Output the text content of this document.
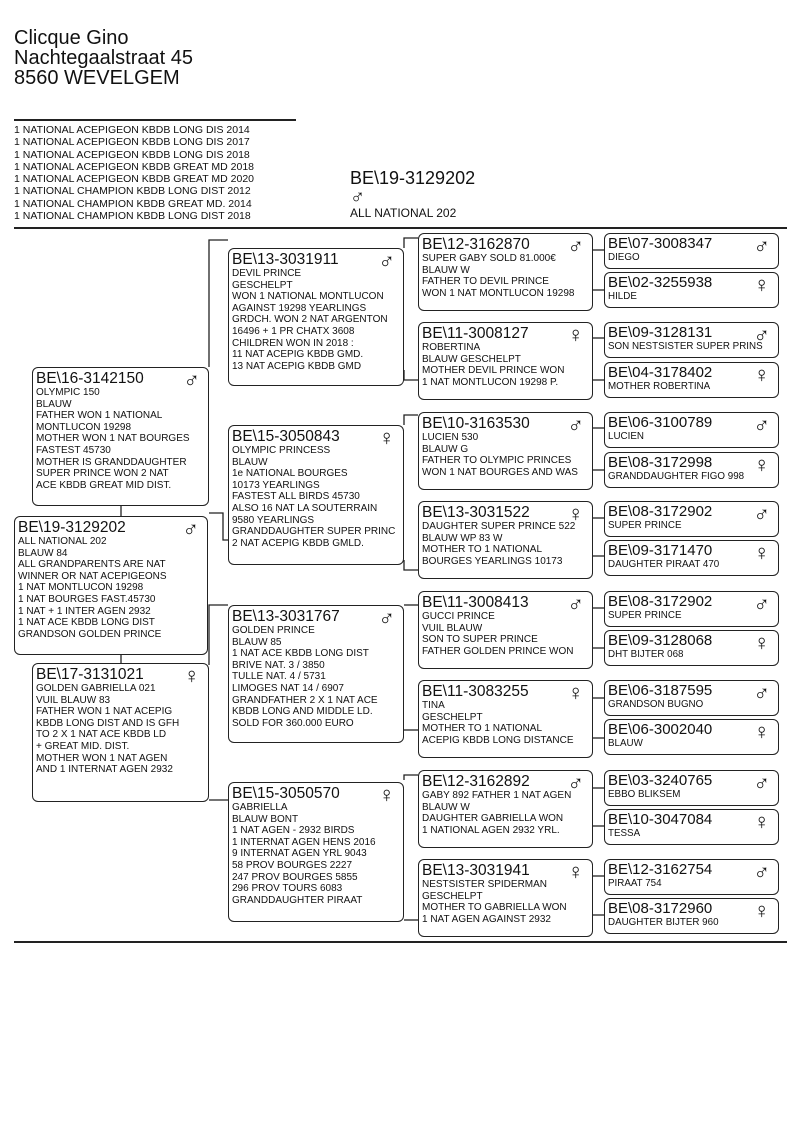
Clicque Gino
Nachtegaalstraat 45
8560 WEVELGEM
1 NATIONAL ACEPIGEON KBDB LONG DIS 2014
1 NATIONAL ACEPIGEON KBDB LONG DIS 2017
1 NATIONAL ACEPIGEON KBDB LONG DIS 2018
1 NATIONAL ACEPIGEON KBDB GREAT MD 2018
1 NATIONAL ACEPIGEON KBDB GREAT MD 2020
1 NATIONAL CHAMPION KBDB LONG DIST 2012
1 NATIONAL CHAMPION KBDB GREAT MD. 2014
1 NATIONAL CHAMPION KBDB LONG DIST 2018
BE\19-3129202
♂
ALL NATIONAL 202
BE\19-3129202	♂
ALL NATIONAL 202
BLAUW 84
ALL GRANDPARENTS ARE NAT
WINNER OR NAT ACEPIGEONS
1 NAT MONTLUCON 19298
1 NAT BOURGES FAST.45730
1 NAT + 1 INTER AGEN 2932
1 NAT ACE KBDB LONG DIST
GRANDSON GOLDEN PRINCE
BE\16-3142150	♂
OLYMPIC 150
BLAUW
FATHER WON 1 NATIONAL
MONTLUCON 19298
MOTHER WON 1 NAT BOURGES
FASTEST 45730
MOTHER IS GRANDDAUGHTER
SUPER PRINCE WON 2 NAT
ACE KBDB GREAT MID DIST.
BE\17-3131021	♀
GOLDEN GABRIELLA 021
VUIL BLAUW 83
FATHER WON 1 NAT ACEPIG
KBDB LONG DIST AND IS GFH
TO 2 X 1 NAT ACE KBDB LD
+ GREAT MID. DIST.
MOTHER WON 1 NAT AGEN
AND 1 INTERNAT AGEN 2932
BE\13-3031911	♂
DEVIL PRINCE
GESCHELPT
WON 1 NATIONAL MONTLUCON
AGAINST 19298 YEARLINGS
GRDCH. WON 2 NAT ARGENTON
16496 + 1 PR CHATX 3608
CHILDREN WON IN 2018 :
11 NAT ACEPIG KBDB GMD.
13 NAT ACEPIG KBDB GMD
BE\15-3050843	♀
OLYMPIC PRINCESS
BLAUW
1e NATIONAL BOURGES
10173 YEARLINGS
FASTEST ALL BIRDS 45730
ALSO 16 NAT LA SOUTERRAIN
9580 YEARLINGS
GRANDDAUGHTER SUPER PRINC
2 NAT ACEPIG KBDB GMLD.
BE\13-3031767	♂
GOLDEN PRINCE
BLAUW 85
1 NAT ACE KBDB LONG DIST
BRIVE NAT. 3 / 3850
TULLE NAT. 4 / 5731
LIMOGES NAT 14 / 6907
GRANDFATHER 2 X 1 NAT ACE
KBDB LONG AND MIDDLE LD.
SOLD FOR 360.000 EURO
BE\15-3050570	♀
GABRIELLA
BLAUW BONT
1 NAT AGEN - 2932 BIRDS
1 INTERNAT AGEN HENS 2016
9 INTERNAT AGEN YRL 9043
58 PROV BOURGES 2227
247 PROV BOURGES 5855
296 PROV TOURS 6083
GRANDDAUGHTER PIRAAT
BE\12-3162870	♂
SUPER GABY SOLD 81.000€
BLAUW W
FATHER TO DEVIL PRINCE
WON 1 NAT MONTLUCON 19298
BE\11-3008127	♀
ROBERTINA
BLAUW GESCHELPT
MOTHER DEVIL PRINCE WON
1 NAT MONTLUCON 19298 P.
BE\10-3163530	♂
LUCIEN 530
BLAUW G
FATHER TO OLYMPIC PRINCES
WON 1 NAT BOURGES AND WAS
BE\13-3031522	♀
DAUGHTER SUPER PRINCE 522
BLAUW WP 83 W
MOTHER TO 1 NATIONAL
BOURGES YEARLINGS 10173
BE\11-3008413	♂
GUCCI PRINCE
VUIL BLAUW
SON TO SUPER PRINCE
FATHER GOLDEN PRINCE WON
BE\11-3083255	♀
TINA
GESCHELPT
MOTHER TO 1 NATIONAL
ACEPIG KBDB LONG DISTANCE
BE\12-3162892	♂
GABY 892 FATHER 1 NAT AGEN
BLAUW W
DAUGHTER GABRIELLA WON
1 NATIONAL AGEN 2932 YRL.
BE\13-3031941	♀
NESTSISTER SPIDERMAN
GESCHELPT
MOTHER TO GABRIELLA WON
1 NAT AGEN AGAINST 2932
BE\07-3008347	♂
DIEGO
BE\02-3255938	♀
HILDE
BE\09-3128131	♂
SON NESTSISTER SUPER PRINS
BE\04-3178402	♀
MOTHER ROBERTINA
BE\06-3100789	♂
LUCIEN
BE\08-3172998	♀
GRANDDAUGHTER FIGO 998
BE\08-3172902	♂
SUPER PRINCE
BE\09-3171470	♀
DAUGHTER PIRAAT 470
BE\08-3172902	♂
SUPER PRINCE
BE\09-3128068	♀
DHT BIJTER 068
BE\06-3187595	♂
GRANDSON BUGNO
BE\06-3002040	♀
BLAUW
BE\03-3240765	♂
EBBO BLIKSEM
BE\10-3047084	♀
TESSA
BE\12-3162754	♂
PIRAAT 754
BE\08-3172960	♀
DAUGHTER BIJTER 960
